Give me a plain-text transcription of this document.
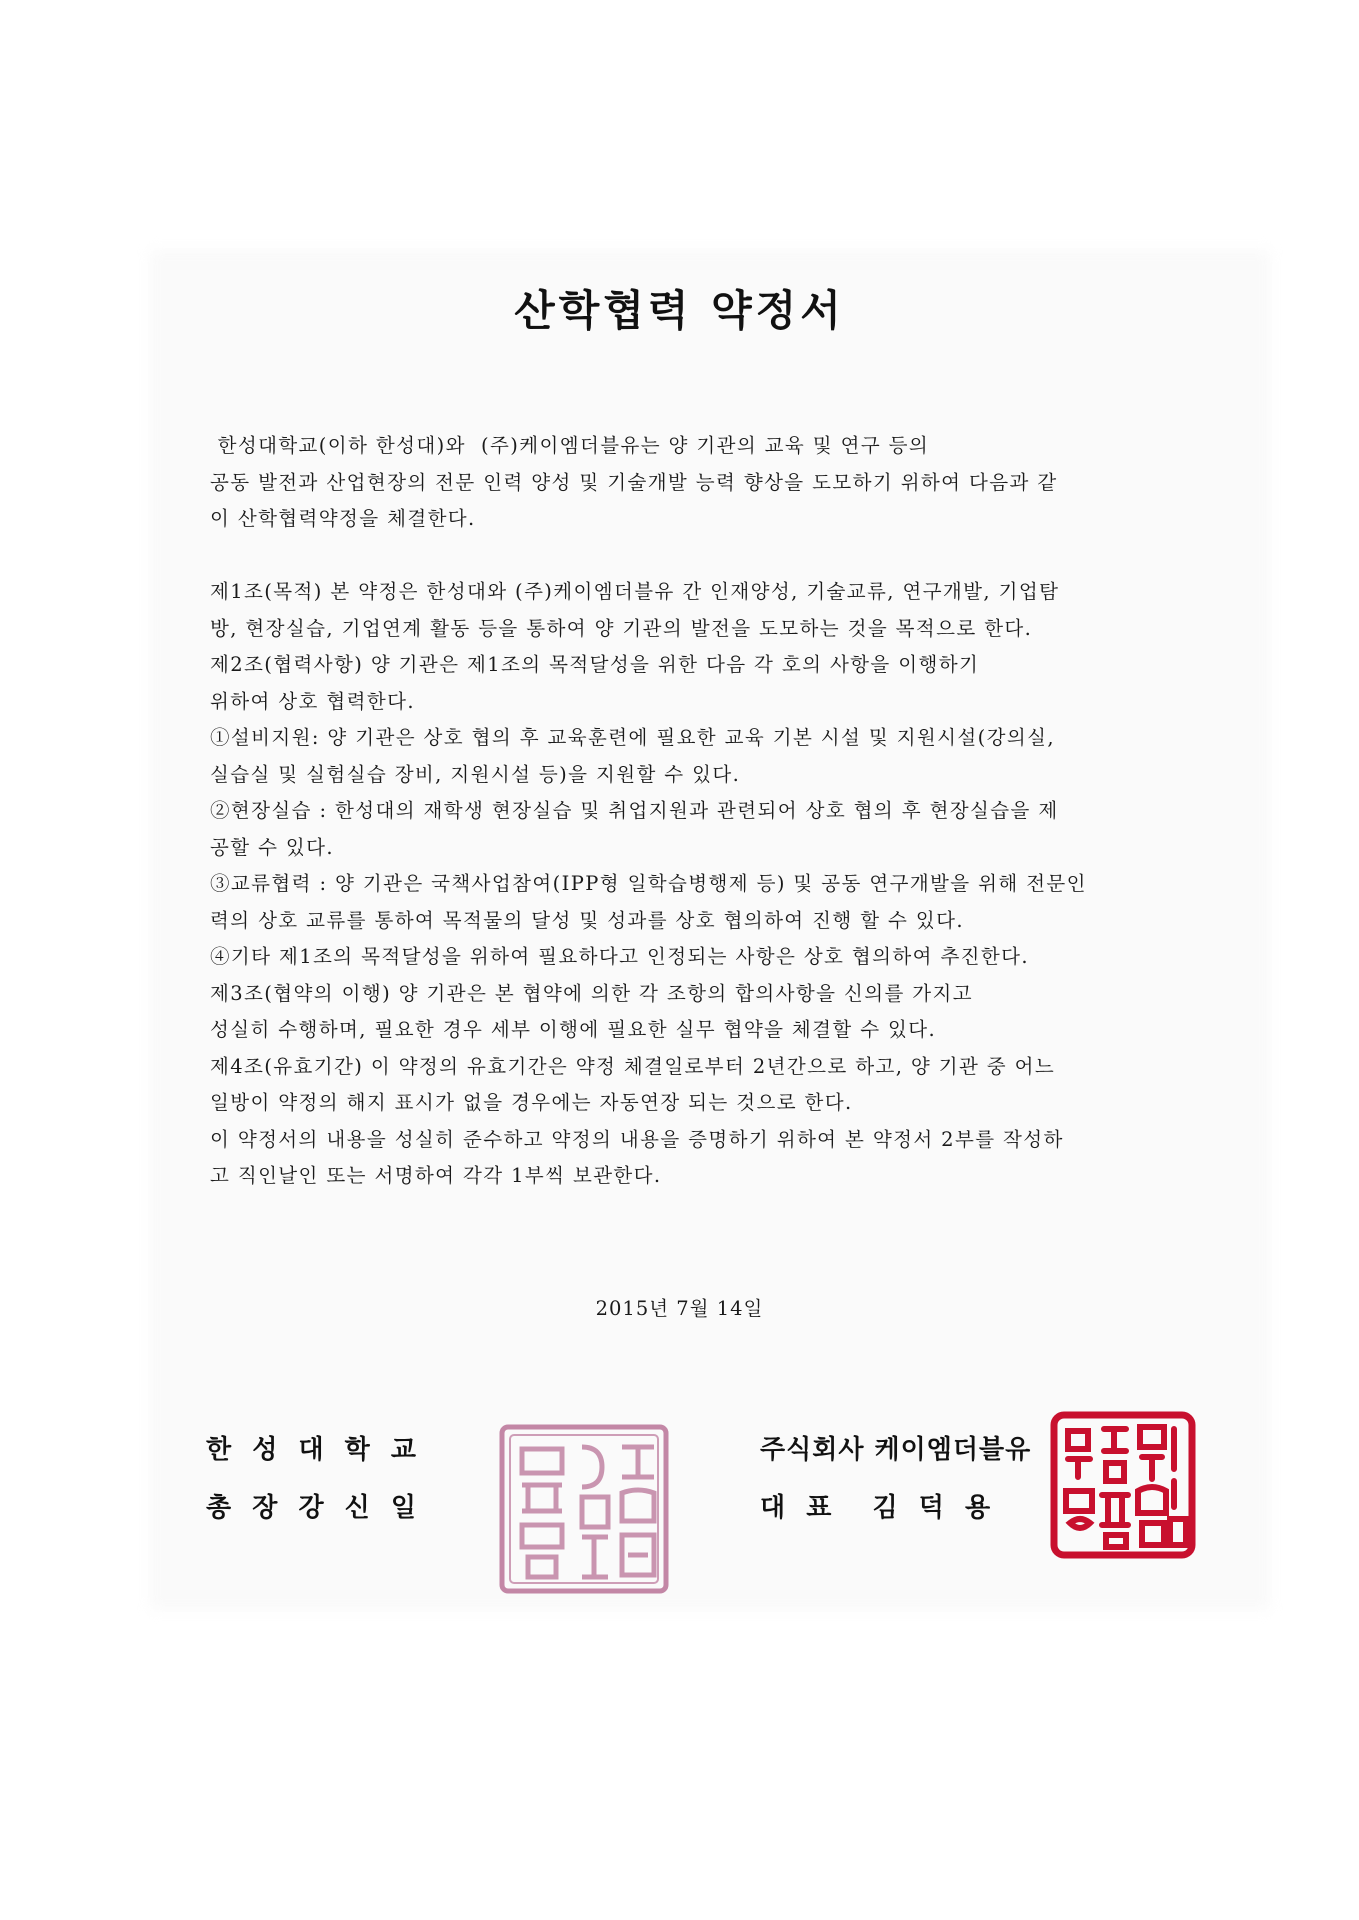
산학협력 약정서

한성대학교(이하 한성대)와  (주)케이엠더블유는 양 기관의 교육 및 연구 등의

공동 발전과 산업현장의 전문 인력 양성 및 기술개발 능력 향상을 도모하기 위하여 다음과 같

이 산학협력약정을 체결한다.

제1조(목적) 본 약정은 한성대와 (주)케이엠더블유 간 인재양성, 기술교류, 연구개발, 기업탐

방, 현장실습, 기업연계 활동 등을 통하여 양 기관의 발전을 도모하는 것을 목적으로 한다.

제2조(협력사항) 양 기관은 제1조의 목적달성을 위한 다음 각 호의 사항을 이행하기

위하여 상호 협력한다.

①설비지원: 양 기관은 상호 협의 후 교육훈련에 필요한 교육 기본 시설 및 지원시설(강의실,

실습실 및 실험실습 장비, 지원시설 등)을 지원할 수 있다.

②현장실습 : 한성대의 재학생 현장실습 및 취업지원과 관련되어 상호 협의 후 현장실습을 제

공할 수 있다.

③교류협력 : 양 기관은 국책사업참여(IPP형 일학습병행제 등) 및 공동 연구개발을 위해 전문인

력의 상호 교류를 통하여 목적물의 달성 및 성과를 상호 협의하여 진행 할 수 있다.

④기타 제1조의 목적달성을 위하여 필요하다고 인정되는 사항은 상호 협의하여 추진한다.

제3조(협약의 이행) 양 기관은 본 협약에 의한 각 조항의 합의사항을 신의를 가지고

성실히 수행하며, 필요한 경우 세부 이행에 필요한 실무 협약을 체결할 수 있다.

제4조(유효기간) 이 약정의 유효기간은 약정 체결일로부터 2년간으로 하고, 양 기관 중 어느

일방이 약정의 해지 표시가 없을 경우에는 자동연장 되는 것으로 한다.

이 약정서의 내용을 성실히 준수하고 약정의 내용을 증명하기 위하여 본 약정서 2부를 작성하

고 직인날인 또는 서명하여 각각 1부씩 보관한다.

2015년 7월 14일
한  성  대  학  교
총  장  강  신  일
주식회사 케이엠더블유
대  표    김  덕  용
